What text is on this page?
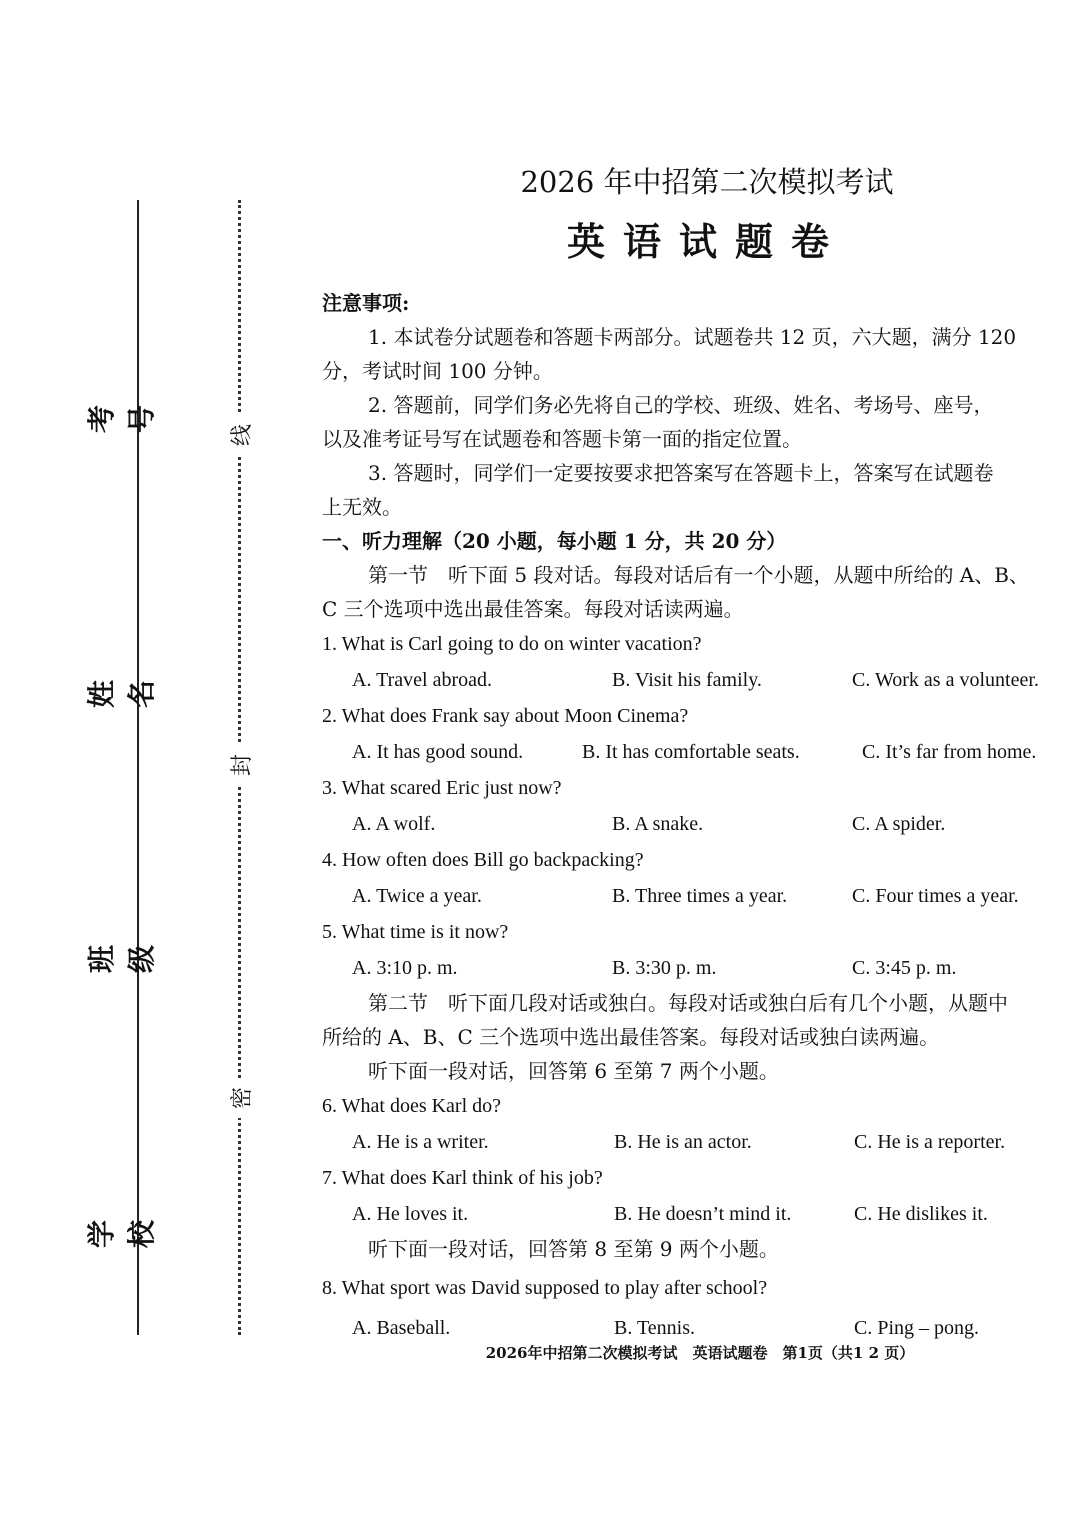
考号
姓名
班级
学校
线
封
密
2026 年中招第二次模拟考试
英语试题卷
注意事项:
1. 本试卷分试题卷和答题卡两部分。试题卷共 12 页，六大题，满分 120
分，考试时间 100 分钟。
2. 答题前，同学们务必先将自己的学校、班级、姓名、考场号、座号，
以及准考证号写在试题卷和答题卡第一面的指定位置。
3. 答题时，同学们一定要按要求把答案写在答题卡上，答案写在试题卷
上无效。
一、听力理解（20 小题，每小题 1 分，共 20 分）
第一节　听下面 5 段对话。每段对话后有一个小题，从题中所给的 A、B、
C 三个选项中选出最佳答案。每段对话读两遍。
1. What is Carl going to do on winter vacation?
A. Travel abroad.	B. Visit his family.	C. Work as a volunteer.
2. What does Frank say about Moon Cinema?
A. It has good sound.	B. It has comfortable seats.	C. It’s far from home.
3. What scared Eric just now?
A. A wolf.	B. A snake.	C. A spider.
4. How often does Bill go backpacking?
A. Twice a year.	B. Three times a year.	C. Four times a year.
5. What time is it now?
A. 3:10 p. m.	B. 3:30 p. m.	C. 3:45 p. m.
第二节　听下面几段对话或独白。每段对话或独白后有几个小题，从题中
所给的 A、B、C 三个选项中选出最佳答案。每段对话或独白读两遍。
听下面一段对话，回答第 6 至第 7 两个小题。
6. What does Karl do?
A. He is a writer.	B. He is an actor.	C. He is a reporter.
7. What does Karl think of his job?
A. He loves it.	B. He doesn’t mind it.	C. He dislikes it.
听下面一段对话，回答第 8 至第 9 两个小题。
8. What sport was David supposed to play after school?
A. Baseball.	B. Tennis.	C. Ping – pong.
2026年中招第二次模拟考试　英语试题卷　第1页（共1 2 页）
